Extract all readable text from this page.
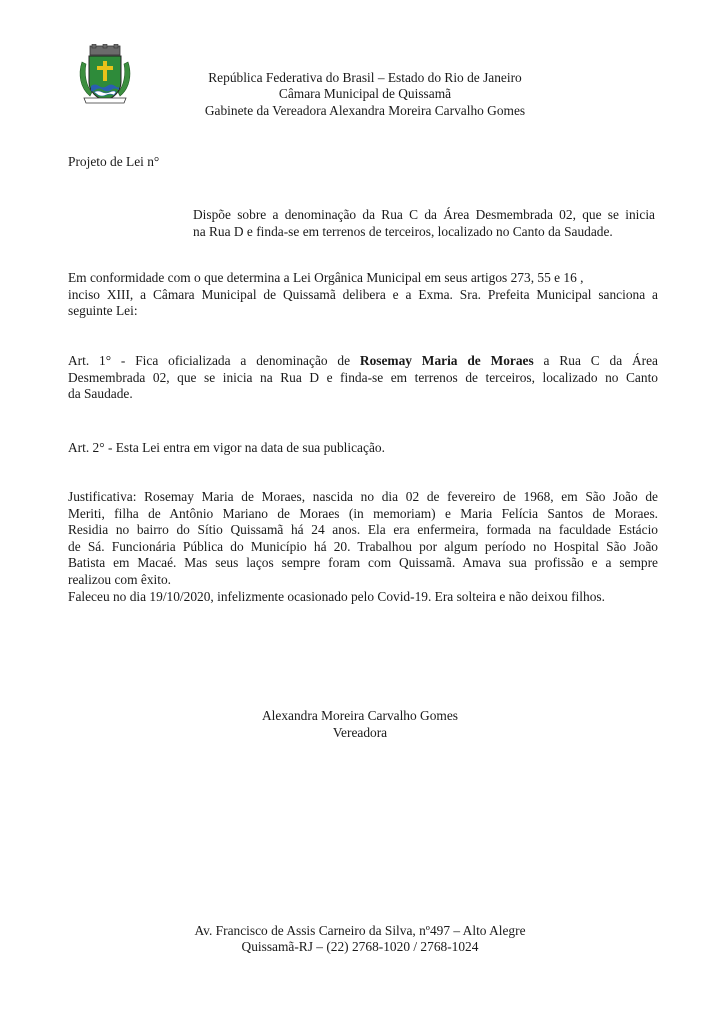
República Federativa do Brasil – Estado do Rio de Janeiro
Câmara Municipal de Quissamã
Gabinete da Vereadora Alexandra Moreira Carvalho Gomes
Projeto de Lei n°
Dispõe sobre a denominação da Rua C da Área Desmembrada 02, que se inicia
na Rua D e finda-se em terrenos de terceiros, localizado no Canto da Saudade.
Em conformidade com o que determina a Lei Orgânica Municipal em seus artigos 273, 55 e 16 ,
inciso XIII, a Câmara Municipal de Quissamã delibera e a Exma. Sra. Prefeita Municipal sanciona a
seguinte Lei:
Art. 1° - Fica oficializada a denominação de Rosemay Maria de Moraes a Rua C da Área
Desmembrada 02, que se inicia na Rua D e finda-se em terrenos de terceiros, localizado no Canto
da Saudade.
Art. 2° - Esta Lei entra em vigor na data de sua publicação.
Justificativa: Rosemay Maria de Moraes, nascida no dia 02 de fevereiro de 1968, em São João de
Meriti, filha de Antônio Mariano de Moraes (in memoriam) e Maria Felícia Santos de Moraes.
Residia no bairro do Sítio Quissamã há 24 anos. Ela era enfermeira, formada na faculdade Estácio
de Sá. Funcionária Pública do Município há 20. Trabalhou por algum período no Hospital São João
Batista em Macaé. Mas seus laços sempre foram com Quissamã. Amava sua profissão e a sempre
realizou com êxito.
Faleceu no dia 19/10/2020, infelizmente ocasionado pelo Covid-19. Era solteira e não deixou filhos.
Alexandra Moreira Carvalho Gomes
Vereadora
Av. Francisco de Assis Carneiro da Silva, nº497 – Alto Alegre
Quissamã-RJ – (22) 2768-1020 / 2768-1024
